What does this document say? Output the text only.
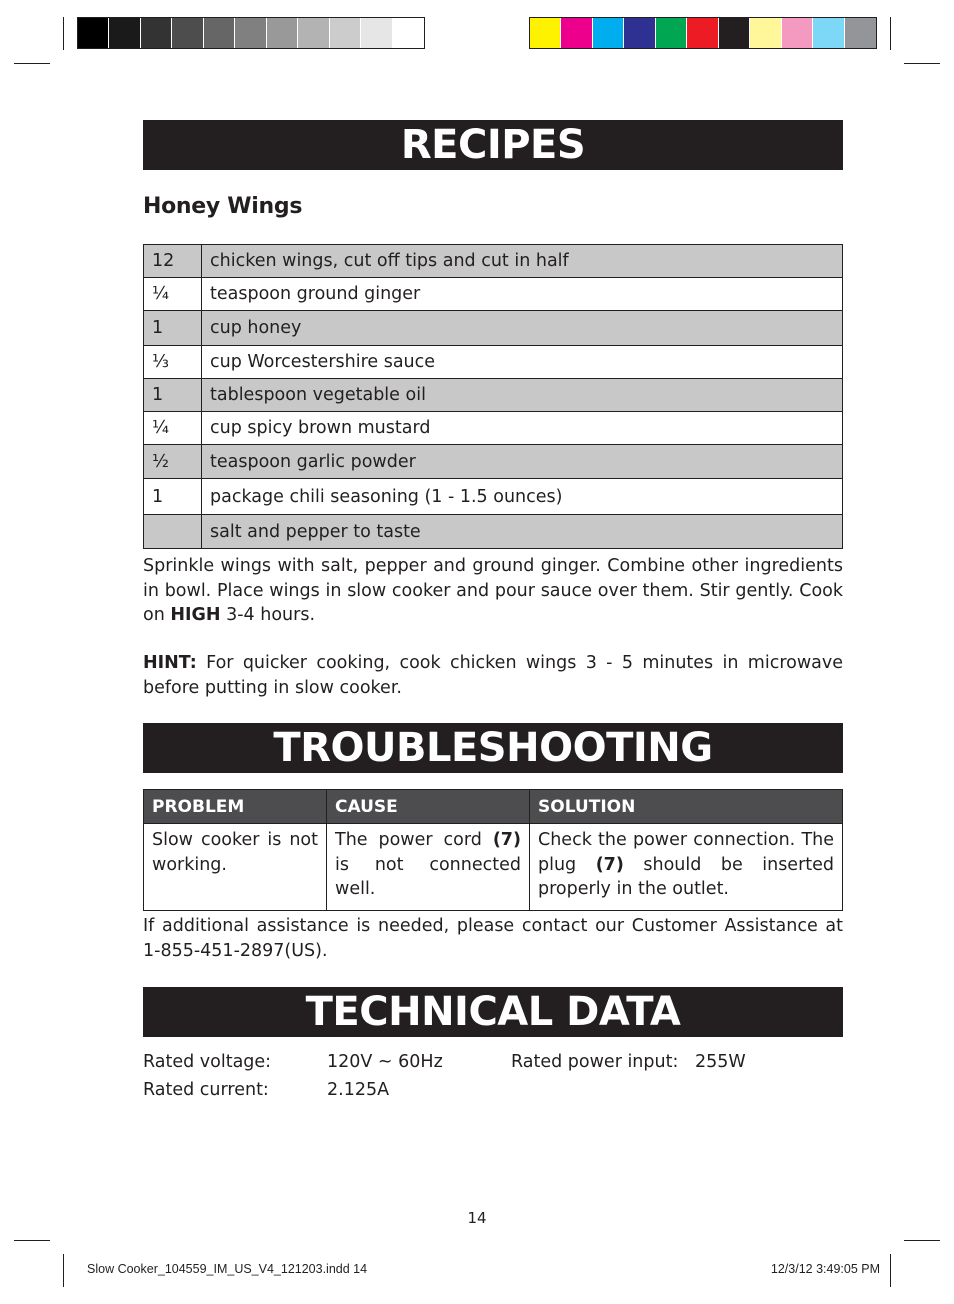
RECIPES
Honey Wings
12	chicken wings, cut off tips and cut in half
¼	teaspoon ground ginger
1	cup honey
⅓	cup Worcestershire sauce
1	tablespoon vegetable oil
¼	cup spicy brown mustard
½	teaspoon garlic powder
1	package chili seasoning (1 - 1.5 ounces)
	salt and pepper to taste
Sprinkle wings with salt, pepper and ground ginger. Combine other ingredients in bowl. Place wings in slow cooker and pour sauce over them. Stir gently. Cook on HIGH 3-4 hours.
HINT: For quicker cooking, cook chicken wings 3 - 5 minutes in microwave before putting in slow cooker.
TROUBLESHOOTING
PROBLEM	CAUSE	SOLUTION
Slow cooker is not working.	The power cord (7) is not connected well.	Check the power connection. The plug (7) should be inserted properly in the outlet.
If additional assistance is needed, please contact our Customer Assistance at 1-855-451-2897(US).
TECHNICAL DATA
Rated voltage:	120V ~ 60Hz	Rated power input: 255W
Rated current:	2.125A
14
Slow Cooker_104559_IM_US_V4_121203.indd 14	12/3/12 3:49:05 PM
